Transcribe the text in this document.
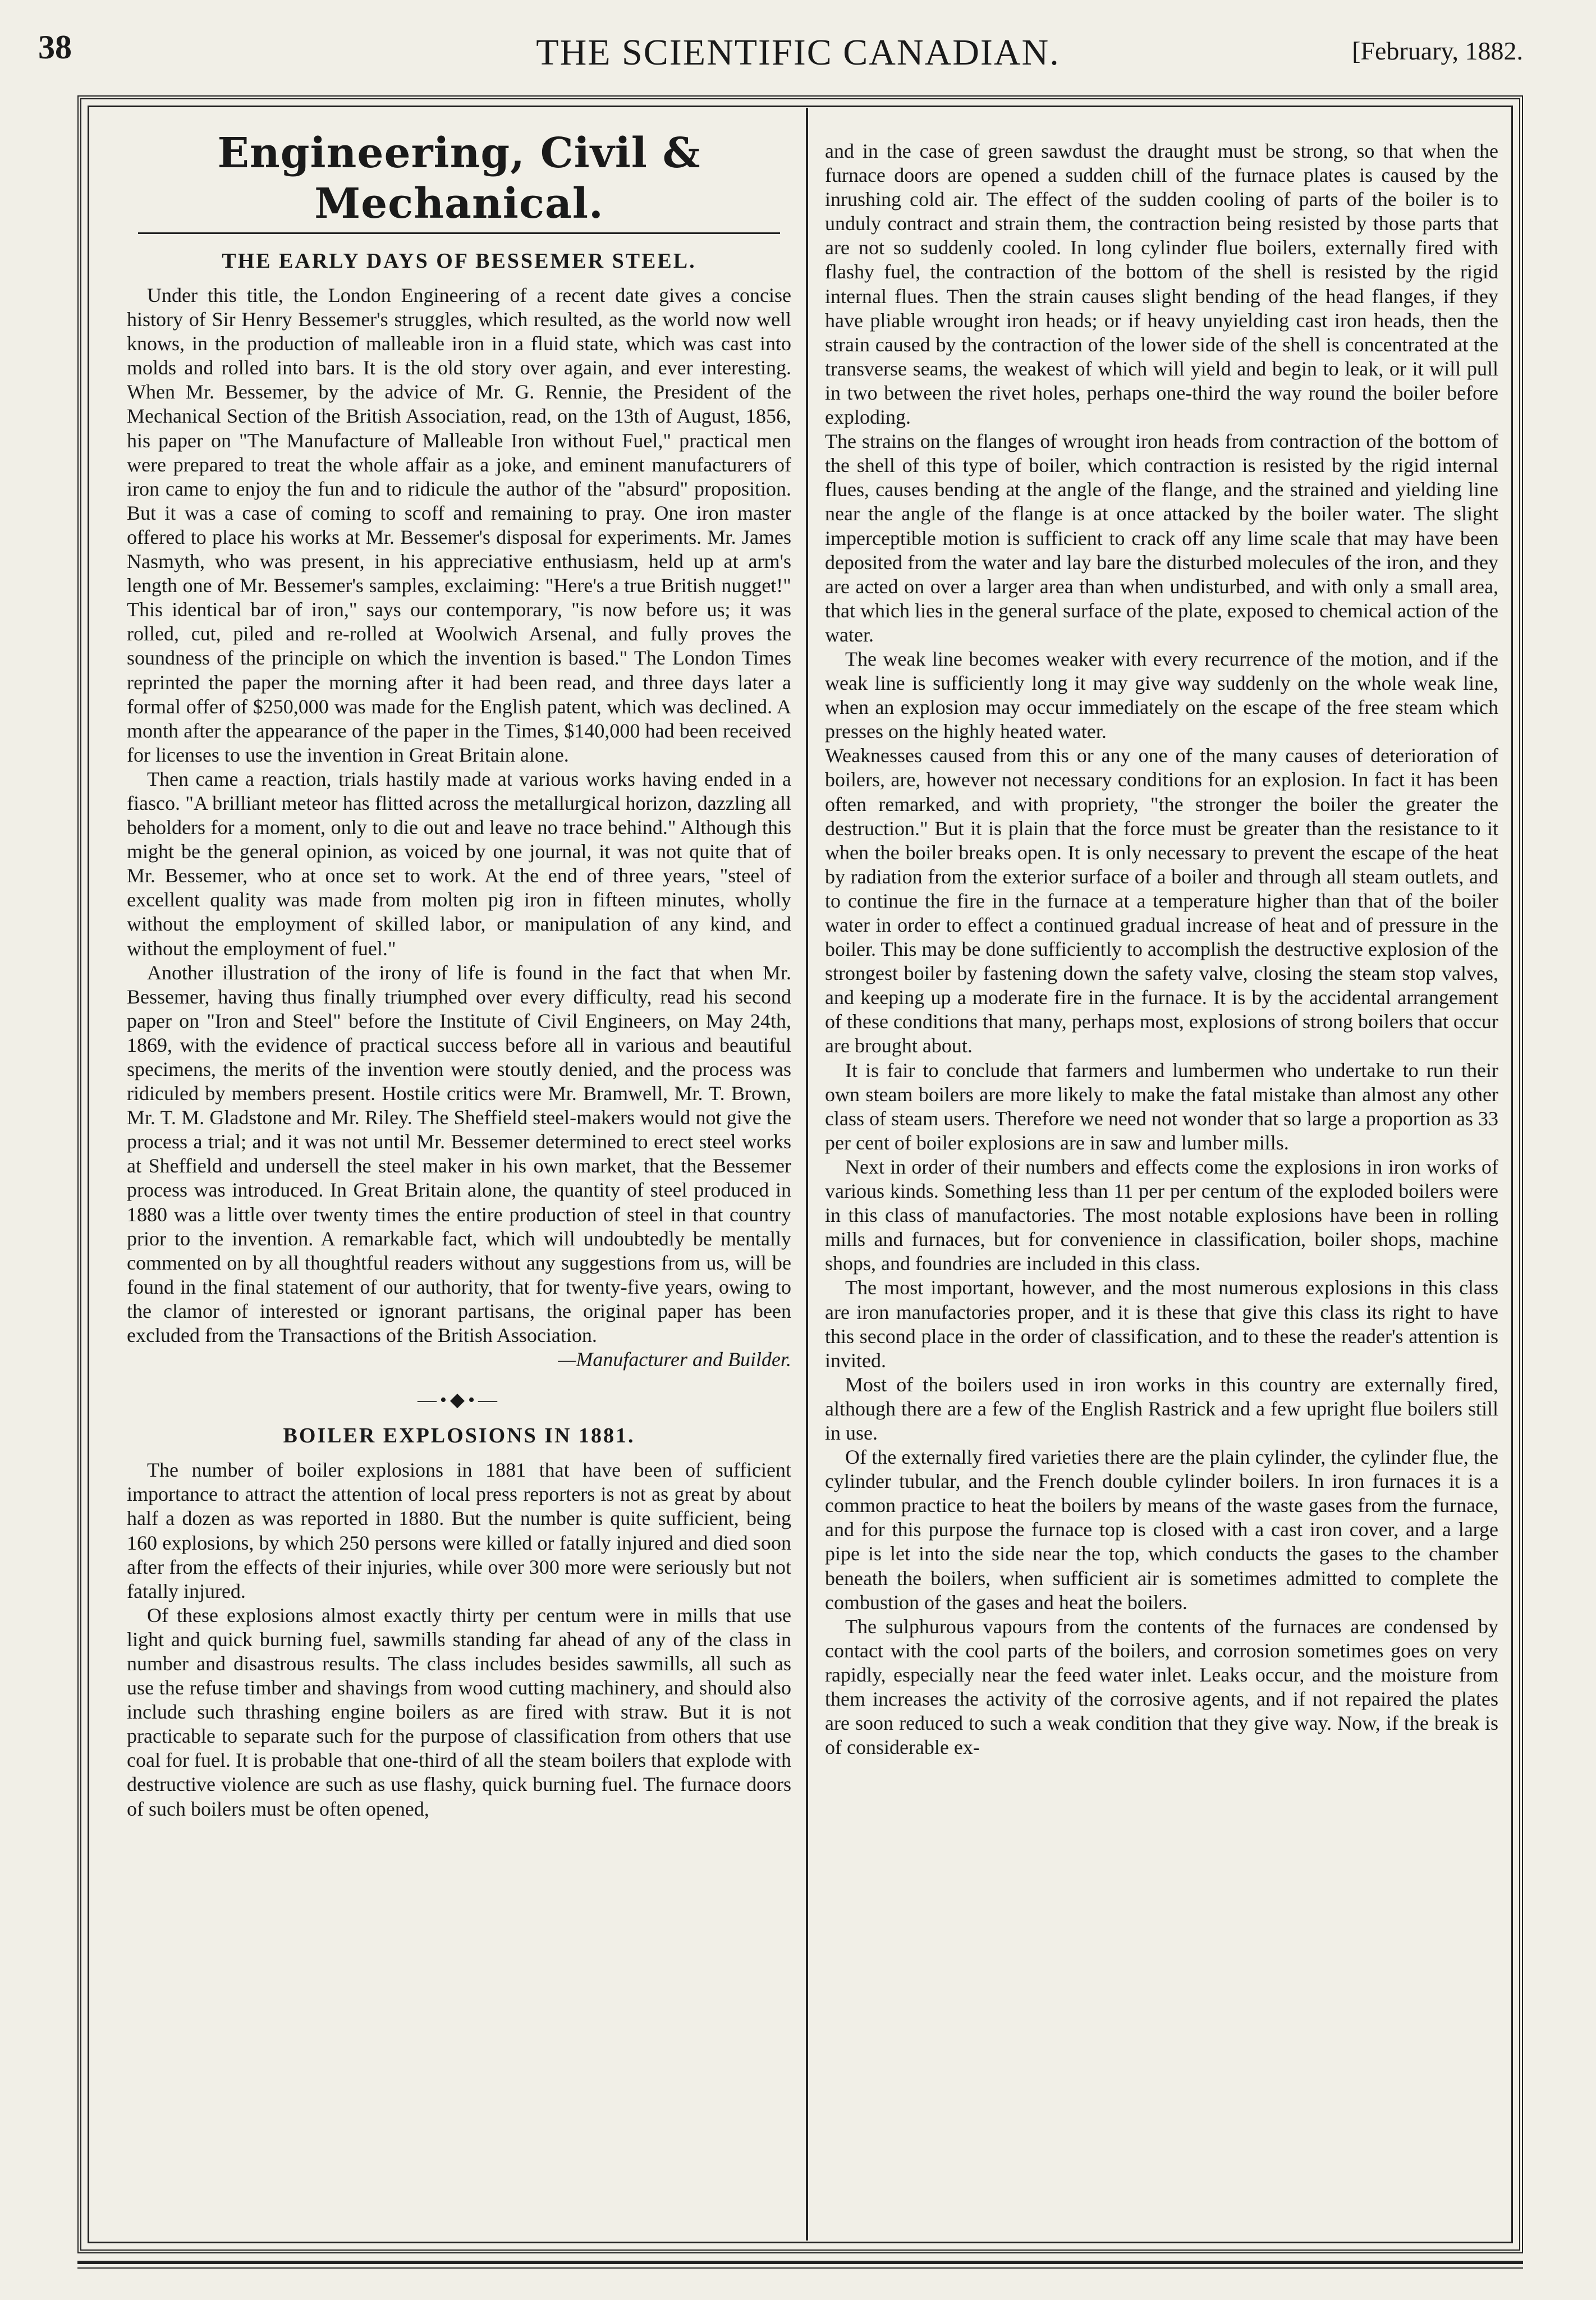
38	THE SCIENTIFIC CANADIAN.	[February, 1882.
Engineering, Civil & Mechanical.
THE EARLY DAYS OF BESSEMER STEEL.

Under this title, the London Engineering of a recent date gives a concise history of Sir Henry Bessemer's struggles, which resulted, as the world now well knows, in the production of malleable iron in a fluid state, which was cast into molds and rolled into bars. It is the old story over again, and ever interesting. When Mr. Bessemer, by the advice of Mr. G. Rennie, the President of the Mechanical Section of the British Association, read, on the 13th of August, 1856, his paper on "The Manufacture of Malleable Iron without Fuel," practical men were prepared to treat the whole affair as a joke, and eminent manufacturers of iron came to enjoy the fun and to ridicule the author of the "absurd" proposition. But it was a case of coming to scoff and remaining to pray. One iron master offered to place his works at Mr. Bessemer's disposal for experiments. Mr. James Nasmyth, who was present, in his appreciative enthusiasm, held up at arm's length one of Mr. Bessemer's samples, exclaiming: "Here's a true British nugget!" This identical bar of iron," says our contemporary, "is now before us; it was rolled, cut, piled and re-rolled at Woolwich Arsenal, and fully proves the soundness of the principle on which the invention is based." The London Times reprinted the paper the morning after it had been read, and three days later a formal offer of $250,000 was made for the English patent, which was declined. A month after the appearance of the paper in the Times, $140,000 had been received for licenses to use the invention in Great Britain alone.

Then came a reaction, trials hastily made at various works having ended in a fiasco. "A brilliant meteor has flitted across the metallurgical horizon, dazzling all beholders for a moment, only to die out and leave no trace behind." Although this might be the general opinion, as voiced by one journal, it was not quite that of Mr. Bessemer, who at once set to work. At the end of three years, "steel of excellent quality was made from molten pig iron in fifteen minutes, wholly without the employment of skilled labor, or manipulation of any kind, and without the employment of fuel."

Another illustration of the irony of life is found in the fact that when Mr. Bessemer, having thus finally triumphed over every difficulty, read his second paper on "Iron and Steel" before the Institute of Civil Engineers, on May 24th, 1869, with the evidence of practical success before all in various and beautiful specimens, the merits of the invention were stoutly denied, and the process was ridiculed by members present. Hostile critics were Mr. Bramwell, Mr. T. Brown, Mr. T. M. Gladstone and Mr. Riley. The Sheffield steel-makers would not give the process a trial; and it was not until Mr. Bessemer determined to erect steel works at Sheffield and undersell the steel maker in his own market, that the Bessemer process was introduced. In Great Britain alone, the quantity of steel produced in 1880 was a little over twenty times the entire production of steel in that country prior to the invention. A remarkable fact, which will undoubtedly be mentally commented on by all thoughtful readers without any suggestions from us, will be found in the final statement of our authority, that for twenty-five years, owing to the clamor of interested or ignorant partisans, the original paper has been excluded from the Transactions of the British Association.

—Manufacturer and Builder.

—•◆•—
BOILER EXPLOSIONS IN 1881.

The number of boiler explosions in 1881 that have been of sufficient importance to attract the attention of local press reporters is not as great by about half a dozen as was reported in 1880. But the number is quite sufficient, being 160 explosions, by which 250 persons were killed or fatally injured and died soon after from the effects of their injuries, while over 300 more were seriously but not fatally injured.

Of these explosions almost exactly thirty per centum were in mills that use light and quick burning fuel, sawmills standing far ahead of any of the class in number and disastrous results. The class includes besides sawmills, all such as use the refuse timber and shavings from wood cutting machinery, and should also include such thrashing engine boilers as are fired with straw. But it is not practicable to separate such for the purpose of classification from others that use coal for fuel. It is probable that one-third of all the steam boilers that explode with destructive violence are such as use flashy, quick burning fuel. The furnace doors of such boilers must be often opened,

and in the case of green sawdust the draught must be strong, so that when the furnace doors are opened a sudden chill of the furnace plates is caused by the inrushing cold air. The effect of the sudden cooling of parts of the boiler is to unduly contract and strain them, the contraction being resisted by those parts that are not so suddenly cooled. In long cylinder flue boilers, externally fired with flashy fuel, the contraction of the bottom of the shell is resisted by the rigid internal flues. Then the strain causes slight bending of the head flanges, if they have pliable wrought iron heads; or if heavy unyielding cast iron heads, then the strain caused by the contraction of the lower side of the shell is concentrated at the transverse seams, the weakest of which will yield and begin to leak, or it will pull in two between the rivet holes, perhaps one-third the way round the boiler before exploding.

The strains on the flanges of wrought iron heads from contraction of the bottom of the shell of this type of boiler, which contraction is resisted by the rigid internal flues, causes bending at the angle of the flange, and the strained and yielding line near the angle of the flange is at once attacked by the boiler water. The slight imperceptible motion is sufficient to crack off any lime scale that may have been deposited from the water and lay bare the disturbed molecules of the iron, and they are acted on over a larger area than when undisturbed, and with only a small area, that which lies in the general surface of the plate, exposed to chemical action of the water.

The weak line becomes weaker with every recurrence of the motion, and if the weak line is sufficiently long it may give way suddenly on the whole weak line, when an explosion may occur immediately on the escape of the free steam which presses on the highly heated water.

Weaknesses caused from this or any one of the many causes of deterioration of boilers, are, however not necessary conditions for an explosion. In fact it has been often remarked, and with propriety, "the stronger the boiler the greater the destruction." But it is plain that the force must be greater than the resistance to it when the boiler breaks open. It is only necessary to prevent the escape of the heat by radiation from the exterior surface of a boiler and through all steam outlets, and to continue the fire in the furnace at a temperature higher than that of the boiler water in order to effect a continued gradual increase of heat and of pressure in the boiler. This may be done sufficiently to accomplish the destructive explosion of the strongest boiler by fastening down the safety valve, closing the steam stop valves, and keeping up a moderate fire in the furnace. It is by the accidental arrangement of these conditions that many, perhaps most, explosions of strong boilers that occur are brought about.

It is fair to conclude that farmers and lumbermen who undertake to run their own steam boilers are more likely to make the fatal mistake than almost any other class of steam users. Therefore we need not wonder that so large a proportion as 33 per cent of boiler explosions are in saw and lumber mills.

Next in order of their numbers and effects come the explosions in iron works of various kinds. Something less than 11 per per centum of the exploded boilers were in this class of manufactories. The most notable explosions have been in rolling mills and furnaces, but for convenience in classification, boiler shops, machine shops, and foundries are included in this class.

The most important, however, and the most numerous explosions in this class are iron manufactories proper, and it is these that give this class its right to have this second place in the order of classification, and to these the reader's attention is invited.

Most of the boilers used in iron works in this country are externally fired, although there are a few of the English Rastrick and a few upright flue boilers still in use.

Of the externally fired varieties there are the plain cylinder, the cylinder flue, the cylinder tubular, and the French double cylinder boilers. In iron furnaces it is a common practice to heat the boilers by means of the waste gases from the furnace, and for this purpose the furnace top is closed with a cast iron cover, and a large pipe is let into the side near the top, which conducts the gases to the chamber beneath the boilers, when sufficient air is sometimes admitted to complete the combustion of the gases and heat the boilers.

The sulphurous vapours from the contents of the furnaces are condensed by contact with the cool parts of the boilers, and corrosion sometimes goes on very rapidly, especially near the feed water inlet. Leaks occur, and the moisture from them increases the activity of the corrosive agents, and if not repaired the plates are soon reduced to such a weak condition that they give way. Now, if the break is of considerable ex-
